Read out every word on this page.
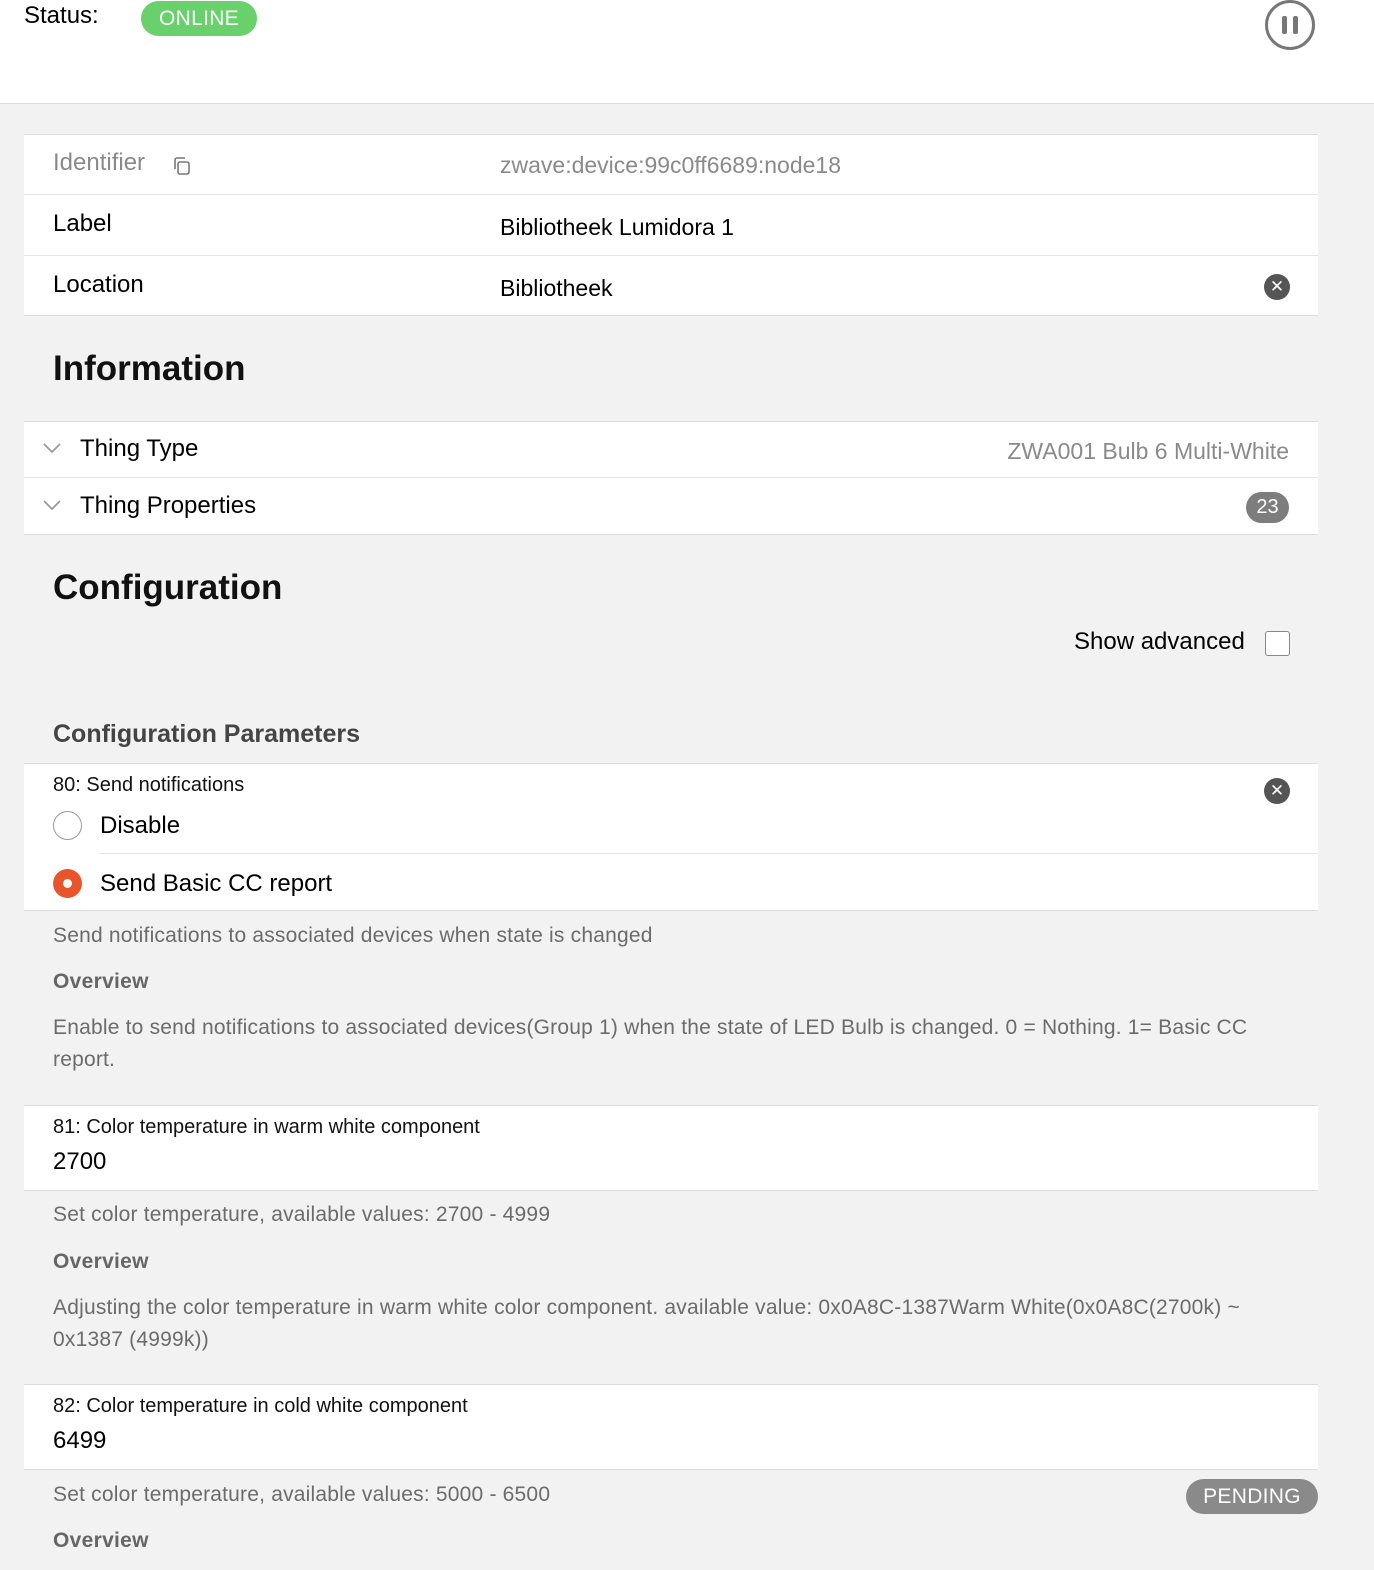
Status:	ONLINE
Identifier	zwave:device:99c0ff6689:node18
Label	Bibliotheek Lumidora 1
Location	Bibliotheek	✕
Information
Thing Type	ZWA001 Bulb 6 Multi-White
Thing Properties	23
Configuration
Show advanced
Configuration Parameters
80: Send notifications	✕
Disable
Send Basic CC report
Send notifications to associated devices when state is changed
Overview
Enable to send notifications to associated devices(Group 1) when the state of LED Bulb is changed. 0 = Nothing. 1= Basic CC report.
81: Color temperature in warm white component
2700
Set color temperature, available values: 2700 - 4999
Overview
Adjusting the color temperature in warm white color component. available value: 0x0A8C-1387Warm White(0x0A8C(2700k) ~ 0x1387 (4999k))
82: Color temperature in cold white component
6499
Set color temperature, available values: 5000 - 6500	PENDING
Overview
